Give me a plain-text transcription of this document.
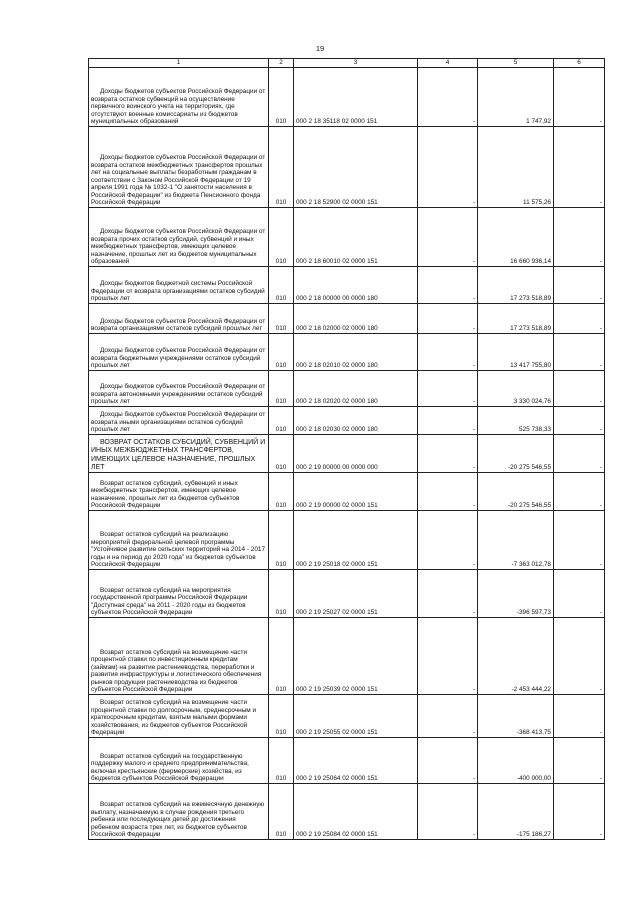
19
1	2	3	4	5	6

Доходы бюджетов субъектов Российской Федерации от возврата остатков субвенций на осуществление первичного воинского учета на территориях, где отсутствуют военные комиссариаты из бюджетов муниципальных образований	010	000 2 18 35118 02 0000 151	-	1 747,92	-

Доходы бюджетов субъектов Российской Федерации от возврата остатков межбюджетных трансфертов прошлых лет на социальные выплаты безработным гражданам в соответствии с Законом Российской Федерации от 19 апреля 1991 года № 1032-1 "О занятости населения в Российской Федерации" из бюджета Пенсионного фонда Российской Федерации	010	000 2 18 52900 02 0000 151	-	11 575,26	-

Доходы бюджетов субъектов Российской Федерации от возврата прочих остатков субсидий, субвенций и иных межбюджетных трансфертов, имеющих целевое назначение, прошлых лет из бюджетов муниципальных образований	010	000 2 18 60010 02 0000 151	-	16 660 936,14	-

Доходы бюджетов бюджетной системы Российской Федерации от возврата организациями остатков субсидий прошлых лет	010	000 2 18 00000 00 0000 180	-	17 273 518,89	-

Доходы бюджетов субъектов Российской Федерации от возврата организациями остатков субсидий прошлых лет	010	000 2 18 02000 02 0000 180	-	17 273 518,89	-

Доходы бюджетов субъектов Российской Федерации от возврата бюджетными учреждениями остатков субсидий прошлых лет	010	000 2 18 02010 02 0000 180	-	13 417 755,80	-

Доходы бюджетов субъектов Российской Федерации от возврата автономными учреждениями остатков субсидий прошлых лет	010	000 2 18 02020 02 0000 180	-	3 330 024,76	-

Доходы бюджетов субъектов Российской Федерации от возврата иными организациями остатков субсидий прошлых лет	010	000 2 18 02030 02 0000 180	-	525 738,33	-

ВОЗВРАТ ОСТАТКОВ СУБСИДИЙ, СУБВЕНЦИЙ И ИНЫХ МЕЖБЮДЖЕТНЫХ ТРАНСФЕРТОВ, ИМЕЮЩИХ ЦЕЛЕВОЕ НАЗНАЧЕНИЕ, ПРОШЛЫХ ЛЕТ	010	000 2 19 00000 00 0000 000	-	-20 275 546,55	-

Возврат остатков субсидий, субвенций и иных межбюджетных трансфертов, имеющих целевое назначение, прошлых лет из бюджетов субъектов Российской Федерации	010	000 2 19 00000 02 0000 151	-	-20 275 546,55	-

Возврат остатков субсидий на реализацию мероприятий федеральной целевой программы "Устойчивое развитие сельских территорий на 2014 - 2017 годы и на период до 2020 года" из бюджетов субъектов Российской Федерации	010	000 2 19 25018 02 0000 151	-	-7 363 012,78	-

Возврат остатков субсидий на мероприятия государственной программы Российской Федерации "Доступная среда" на 2011 - 2020 годы из бюджетов субъектов Российской Федерации	010	000 2 19 25027 02 0000 151	-	-396 597,73	-

Возврат остатков субсидий на возмещение части процентной ставки по инвестиционным кредитам (займам) на развитие растениеводства, переработки и развития инфраструктуры и логистического обеспечения рынков продукции растениеводства из бюджетов субъектов Российской Федерации	010	000 2 19 25039 02 0000 151	-	-2 453 444,22	-

Возврат остатков субсидий на возмещение части процентной ставки по долгосрочным, среднесрочным и краткосрочным кредитам, взятым малыми формами хозяйствования, из бюджетов субъектов Российской Федерации	010	000 2 19 25055 02 0000 151	-	-368 413,75	-

Возврат остатков субсидий на государственную поддержку малого и среднего предпринимательства, включая крестьянские (фермерские) хозяйства, из бюджетов субъектов Российской Федерации	010	000 2 19 25064 02 0000 151	-	-400 000,00	-

Возврат остатков субсидий на ежемесячную денежную выплату, назначаемую в случае рождения третьего ребенка или последующих детей до достижения ребенком возраста трех лет, из бюджетов субъектов Российской Федерации	010	000 2 19 25084 02 0000 151	-	-175 186,27	-
